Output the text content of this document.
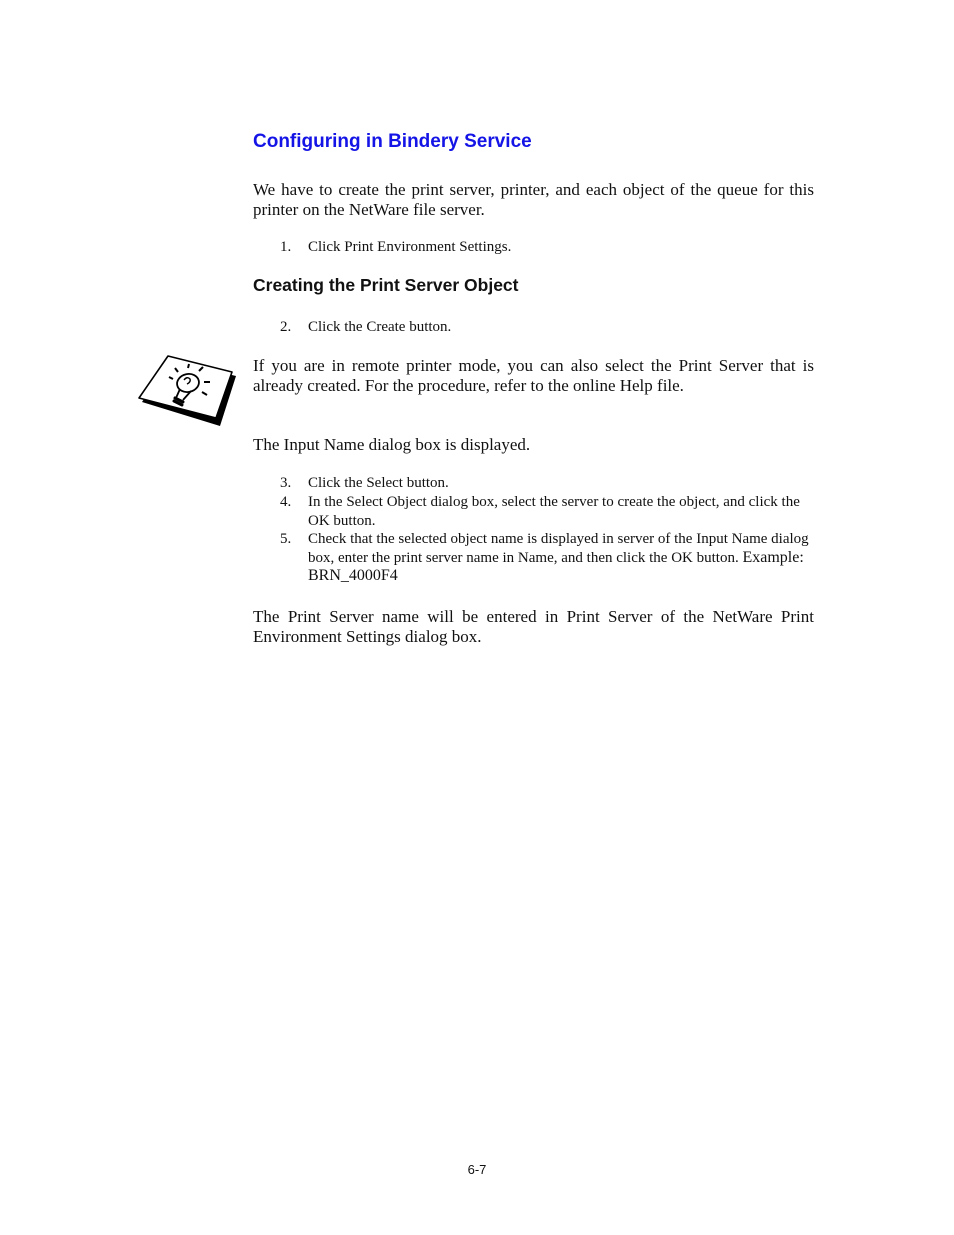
Configuring in Bindery Service
We have to create the print server, printer, and each object of the queue for this printer on the NetWare file server.
1.	Click Print Environment Settings.
Creating the Print Server Object
2.	Click the Create button.
If you are in remote printer mode, you can also select the Print Server that is already created. For the procedure, refer to the online Help file.
The Input Name dialog box is displayed.
3.	Click the Select button.
4.	In the Select Object dialog box, select the server to create the object, and click the OK button.
5.	Check that the selected object name is displayed in server of the Input Name dialog box, enter the print server name in Name, and then click the OK button. Example: BRN_4000F4
The Print Server name will be entered in Print Server of the NetWare Print Environment Settings dialog box.
6-7
